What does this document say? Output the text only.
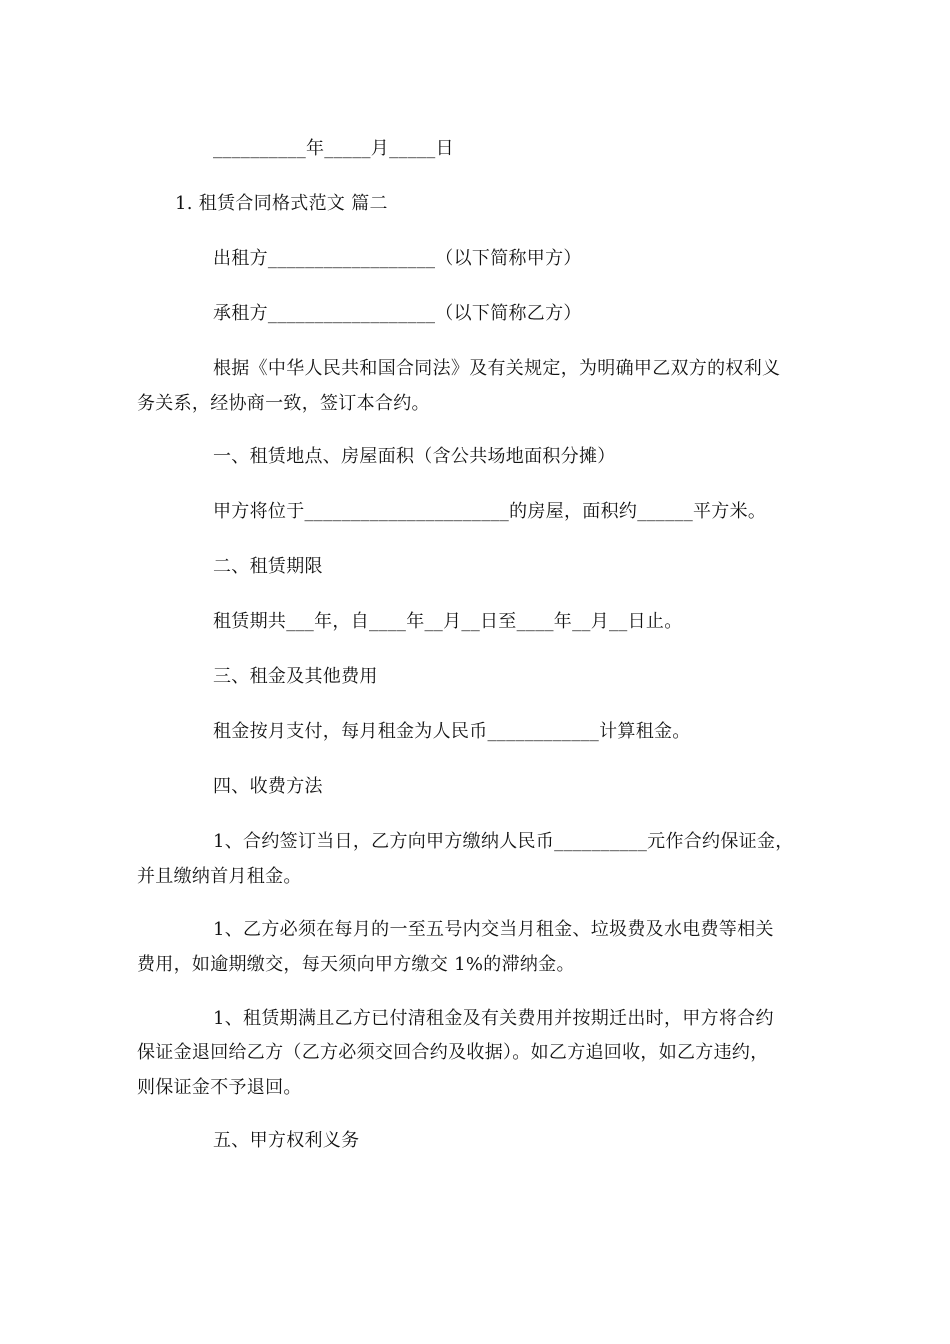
__________年_____月_____日
1. 租赁合同格式范文 篇二
出租方__________________（以下简称甲方）
承租方__________________（以下简称乙方）
根据《中华人民共和国合同法》及有关规定，为明确甲乙双方的权利义
务关系，经协商一致，签订本合约。
一、租赁地点、房屋面积（含公共场地面积分摊）
甲方将位于______________________的房屋，面积约______平方米。
二、租赁期限
租赁期共___年，自____年__月__日至____年__月__日止。
三、租金及其他费用
租金按月支付，每月租金为人民币____________计算租金。
四、收费方法
1、合约签订当日，乙方向甲方缴纳人民币__________元作合约保证金，
并且缴纳首月租金。
1、乙方必须在每月的一至五号内交当月租金、垃圾费及水电费等相关
费用，如逾期缴交，每天须向甲方缴交 1%的滞纳金。
1、租赁期满且乙方已付清租金及有关费用并按期迁出时，甲方将合约
保证金退回给乙方（乙方必须交回合约及收据）。如乙方追回收，如乙方违约，
则保证金不予退回。
五、甲方权利义务
